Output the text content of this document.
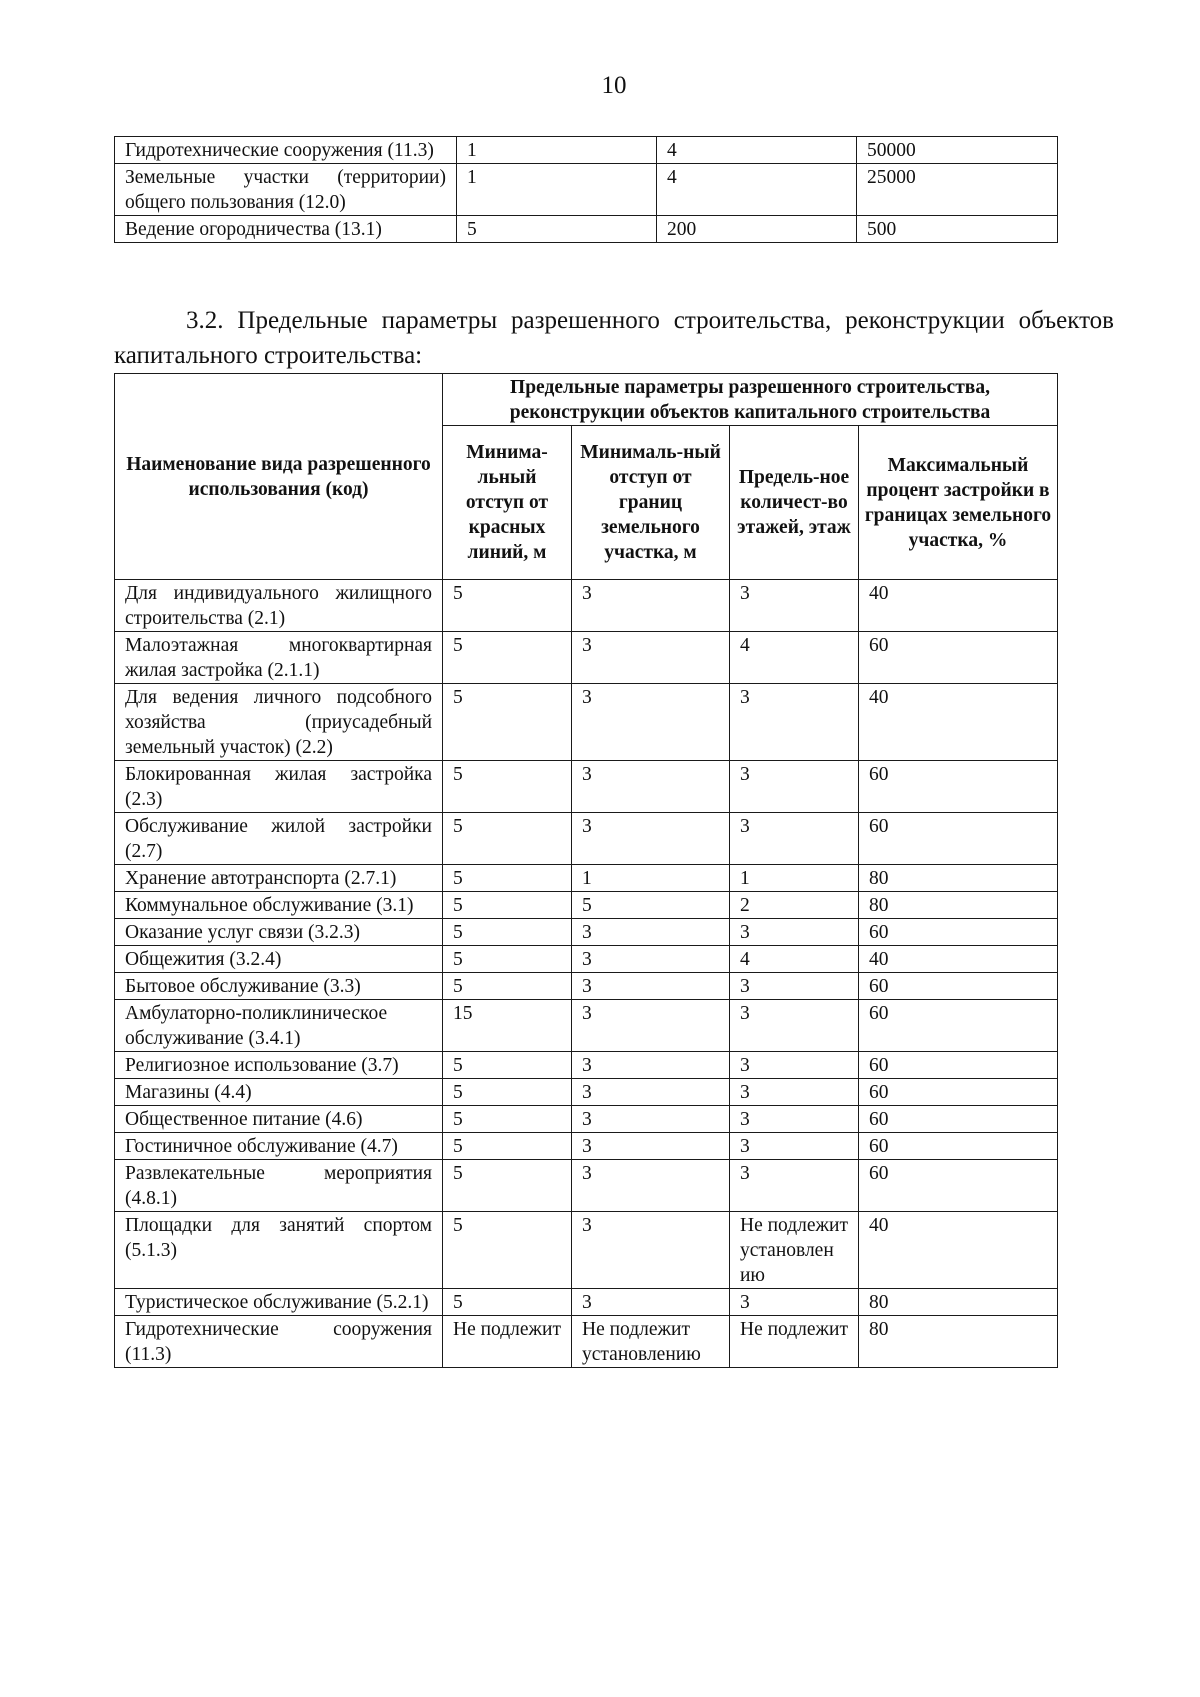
10
Гидротехнические сооружения (11.3)	1	4	50000
Земельные участки (территории) общего пользования (12.0)	1	4	25000
Ведение огородничества (13.1)	5	200	500
3.2. Предельные параметры разрешенного строительства, реконструкции объектов капитального строительства:
Наименование вида разрешенного использования (код)	Предельные параметры разрешенного строительства, реконструкции объектов капитального строительства			
	Минима-льный отступ от красных линий, м	Минималь-ный отступ от границ земельного участка, м	Предель-ное количест-во этажей, этаж	Максимальный процент застройки в границах земельного участка, %
Для индивидуального жилищного строительства (2.1)	5	3	3	40
Малоэтажная многоквартирная жилая застройка (2.1.1)	5	3	4	60
Для ведения личного подсобного хозяйства (приусадебный земельный участок) (2.2)	5	3	3	40
Блокированная жилая застройка (2.3)	5	3	3	60
Обслуживание жилой застройки (2.7)	5	3	3	60
Хранение автотранспорта (2.7.1)	5	1	1	80
Коммунальное обслуживание (3.1)	5	5	2	80
Оказание услуг связи (3.2.3)	5	3	3	60
Общежития (3.2.4)	5	3	4	40
Бытовое обслуживание (3.3)	5	3	3	60
Амбулаторно-поликлиническое обслуживание (3.4.1)	15	3	3	60
Религиозное использование (3.7)	5	3	3	60
Магазины (4.4)	5	3	3	60
Общественное питание (4.6)	5	3	3	60
Гостиничное обслуживание (4.7)	5	3	3	60
Развлекательные мероприятия (4.8.1)	5	3	3	60
Площадки для занятий спортом (5.1.3)	5	3	Не подлежит установлен ию	40
Туристическое обслуживание (5.2.1)	5	3	3	80
Гидротехнические сооружения (11.3)	Не подлежит	Не подлежит установлению	Не подлежит	80
